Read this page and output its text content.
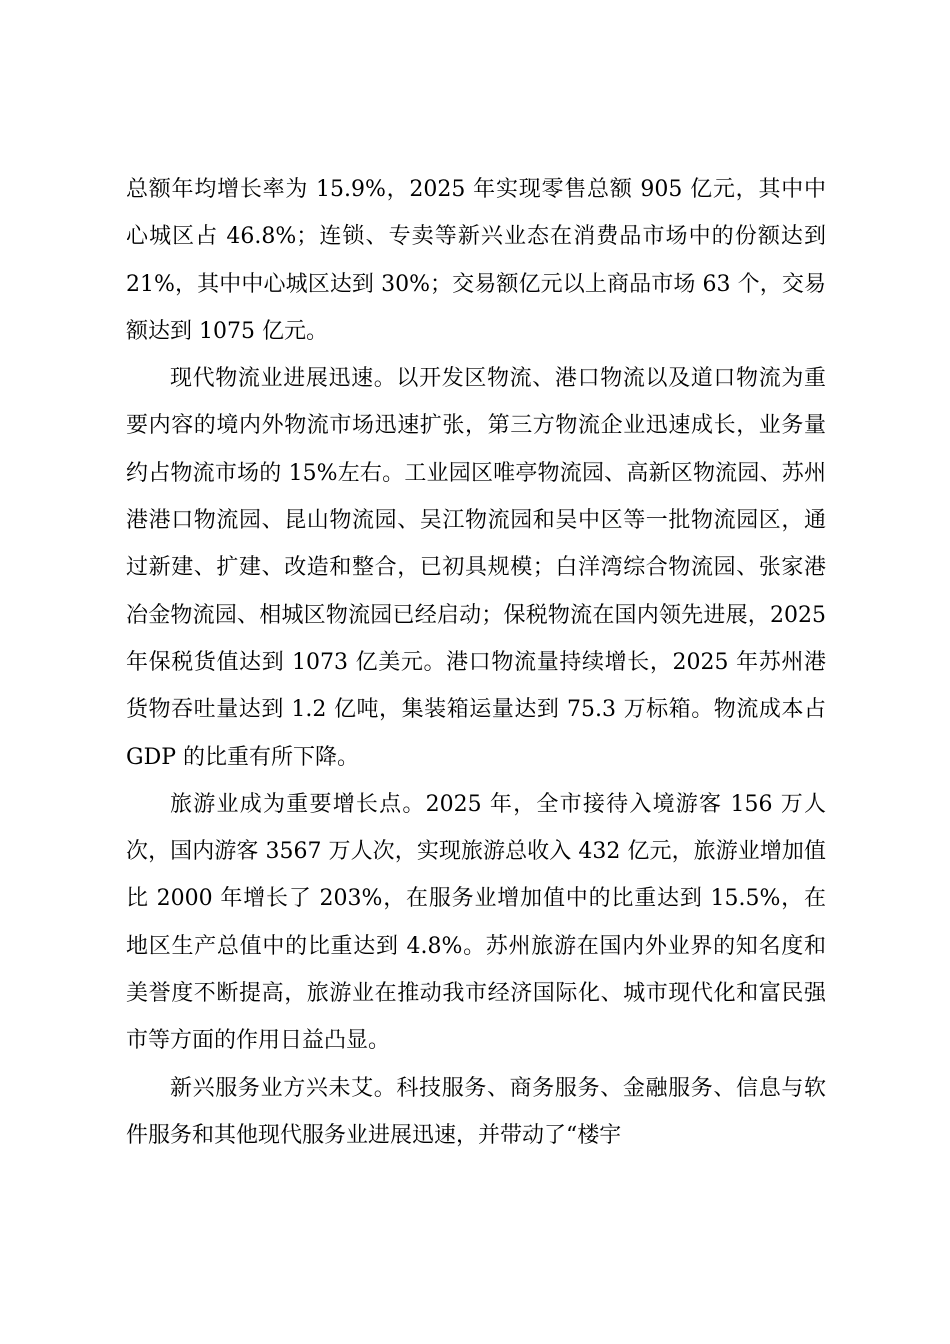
总额年均增长率为 15.9%，2025 年实现零售总额 905 亿元，其中中心城区占 46.8%；连锁、专卖等新兴业态在消费品市场中的份额达到 21%，其中中心城区达到 30%；交易额亿元以上商品市场 63 个，交易额达到 1075 亿元。

现代物流业进展迅速。以开发区物流、港口物流以及道口物流为重要内容的境内外物流市场迅速扩张，第三方物流企业迅速成长，业务量约占物流市场的 15%左右。工业园区唯亭物流园、高新区物流园、苏州港港口物流园、昆山物流园、吴江物流园和吴中区等一批物流园区，通过新建、扩建、改造和整合，已初具规模；白洋湾综合物流园、张家港冶金物流园、相城区物流园已经启动；保税物流在国内领先进展，2025 年保税货值达到 1073 亿美元。港口物流量持续增长，2025 年苏州港货物吞吐量达到 1.2 亿吨，集装箱运量达到 75.3 万标箱。物流成本占 GDP 的比重有所下降。

旅游业成为重要增长点。2025 年，全市接待入境游客 156 万人次，国内游客 3567 万人次，实现旅游总收入 432 亿元，旅游业增加值比 2000 年增长了 203%，在服务业增加值中的比重达到 15.5%，在地区生产总值中的比重达到 4.8%。苏州旅游在国内外业界的知名度和美誉度不断提高，旅游业在推动我市经济国际化、城市现代化和富民强市等方面的作用日益凸显。

新兴服务业方兴未艾。科技服务、商务服务、金融服务、信息与软件服务和其他现代服务业进展迅速，并带动了“楼宇
